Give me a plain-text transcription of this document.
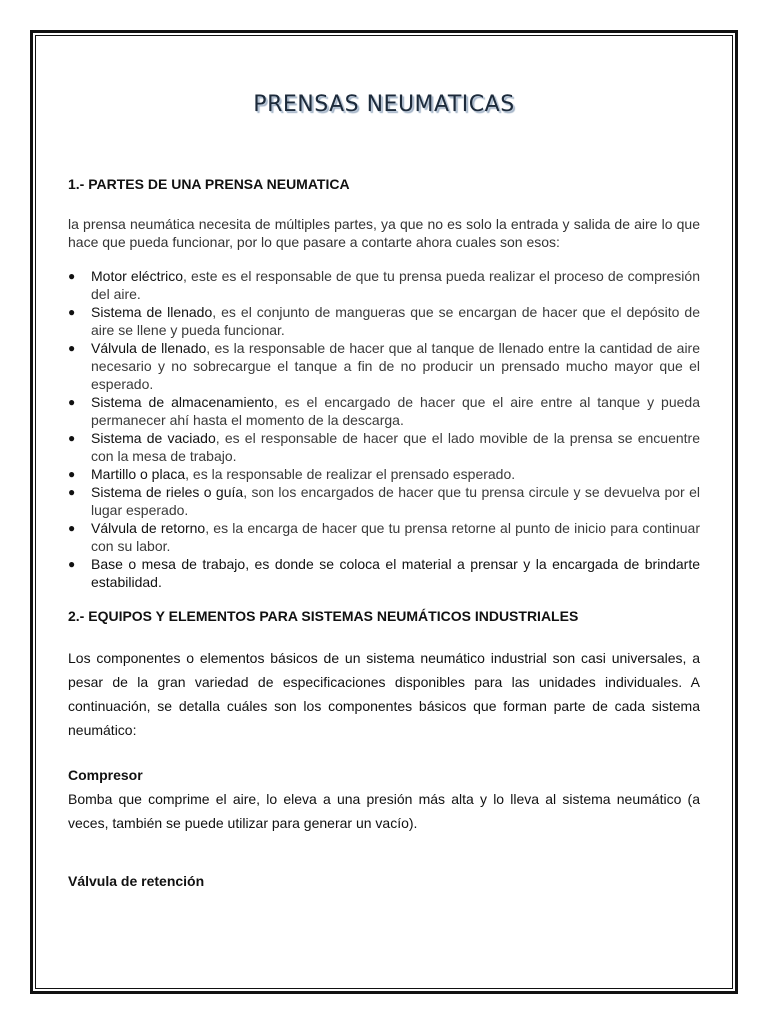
PRENSAS NEUMATICAS
1.- PARTES DE UNA PRENSA NEUMATICA
la prensa neumática necesita de múltiples partes, ya que no es solo la entrada y salida de aire lo que hace que pueda funcionar, por lo que pasare a contarte ahora cuales son esos:
● Motor eléctrico, este es el responsable de que tu prensa pueda realizar el proceso de compresión del aire.
● Sistema de llenado, es el conjunto de mangueras que se encargan de hacer que el depósito de aire se llene y pueda funcionar.
● Válvula de llenado, es la responsable de hacer que al tanque de llenado entre la cantidad de aire necesario y no sobrecargue el tanque a fin de no producir un prensado mucho mayor que el esperado.
● Sistema de almacenamiento, es el encargado de hacer que el aire entre al tanque y pueda permanecer ahí hasta el momento de la descarga.
● Sistema de vaciado, es el responsable de hacer que el lado movible de la prensa se encuentre con la mesa de trabajo.
● Martillo o placa, es la responsable de realizar el prensado esperado.
● Sistema de rieles o guía, son los encargados de hacer que tu prensa circule y se devuelva por el lugar esperado.
● Válvula de retorno, es la encarga de hacer que tu prensa retorne al punto de inicio para continuar con su labor.
● Base o mesa de trabajo, es donde se coloca el material a prensar y la encargada de brindarte estabilidad.
2.- EQUIPOS Y ELEMENTOS PARA SISTEMAS NEUMÁTICOS INDUSTRIALES
Los componentes o elementos básicos de un sistema neumático industrial son casi universales, a pesar de la gran variedad de especificaciones disponibles para las unidades individuales. A continuación, se detalla cuáles son los componentes básicos que forman parte de cada sistema neumático:
Compresor
Bomba que comprime el aire, lo eleva a una presión más alta y lo lleva al sistema neumático (a veces, también se puede utilizar para generar un vacío).
Válvula de retención
